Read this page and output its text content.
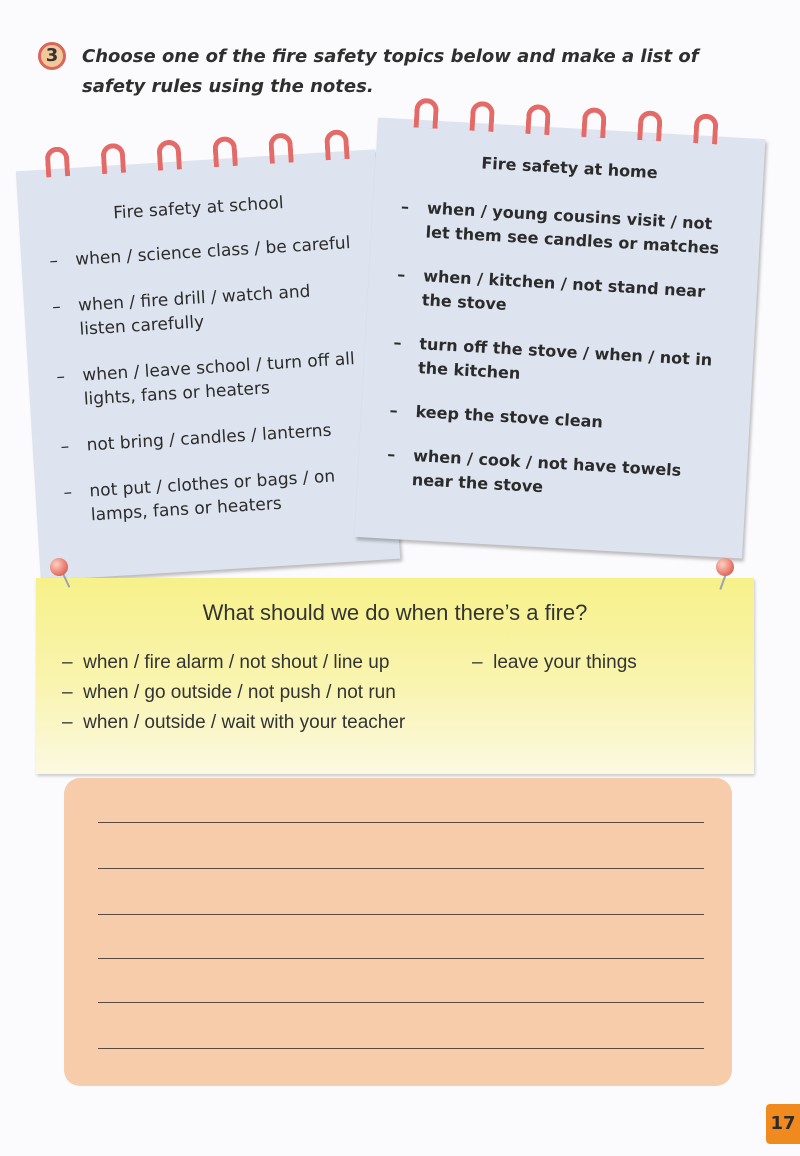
3	Choose one of the fire safety topics below and make a list of safety rules using the notes.
Fire safety at school
– when / science class / be careful
– when / fire drill / watch and listen carefully
– when / leave school / turn off all lights, fans or heaters
– not bring / candles / lanterns
– not put / clothes or bags / on lamps, fans or heaters
Fire safety at home
– when / young cousins visit / not let them see candles or matches
– when / kitchen / not stand near the stove
– turn off the stove / when / not in the kitchen
– keep the stove clean
– when / cook / not have towels near the stove
What should we do when there’s a fire?
–  when / fire alarm / not shout / line up
–  when / go outside / not push / not run
–  when / outside / wait with your teacher
–  leave your things
17
